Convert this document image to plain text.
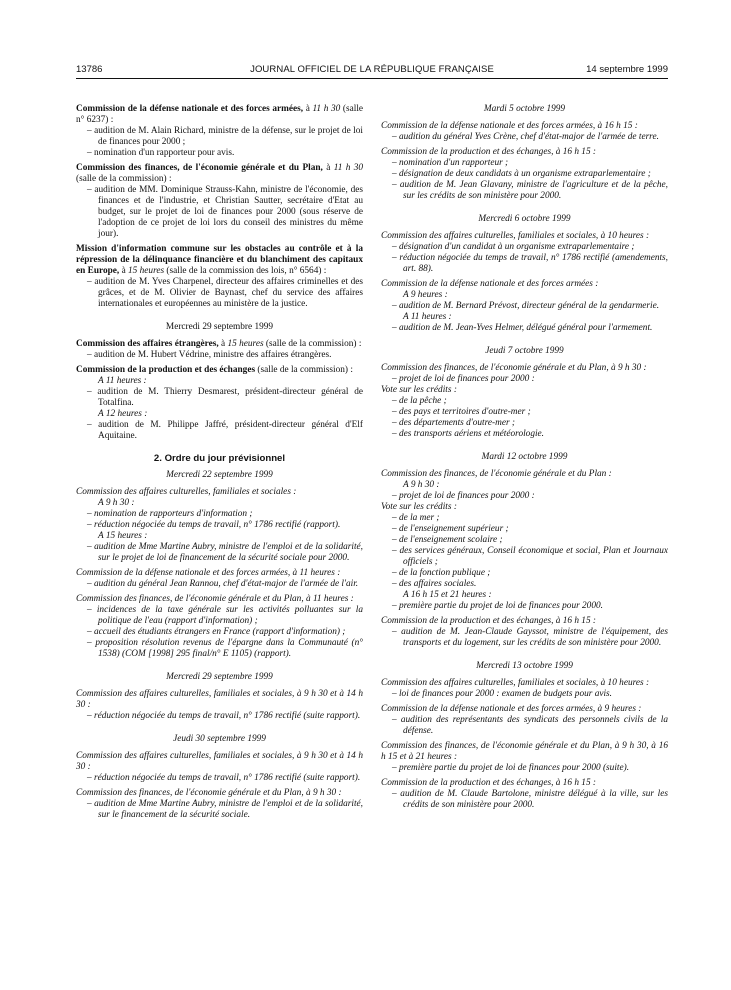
13786	JOURNAL OFFICIEL DE LA RÉPUBLIQUE FRANÇAISE	14 septembre 1999

Commission de la défense nationale et des forces armées, à 11 h 30 (salle n° 6237) :

– audition de M. Alain Richard, ministre de la défense, sur le projet de loi de finances pour 2000 ;

– nomination d'un rapporteur pour avis.

Commission des finances, de l'économie générale et du Plan, à 11 h 30 (salle de la commission) :

– audition de MM. Dominique Strauss-Kahn, ministre de l'économie, des finances et de l'industrie, et Christian Sautter, secrétaire d'Etat au budget, sur le projet de loi de finances pour 2000 (sous réserve de l'adoption de ce projet de loi lors du conseil des ministres du même jour).

Mission d'information commune sur les obstacles au contrôle et à la répression de la délinquance financière et du blanchiment des capitaux en Europe, à 15 heures (salle de la commission des lois, n° 6564) :

– audition de M. Yves Charpenel, directeur des affaires criminelles et des grâces, et de M. Olivier de Baynast, chef du service des affaires internationales et européennes au ministère de la justice.

Mercredi 29 septembre 1999

Commission des affaires étrangères, à 15 heures (salle de la commission) :

– audition de M. Hubert Védrine, ministre des affaires étrangères.

Commission de la production et des échanges (salle de la commission) :

A 11 heures :

– audition de M. Thierry Desmarest, président-directeur général de Totalfina.

A 12 heures :

– audition de M. Philippe Jaffré, président-directeur général d'Elf Aquitaine.

2. Ordre du jour prévisionnel

Mercredi 22 septembre 1999

Commission des affaires culturelles, familiales et sociales :

A 9 h 30 :

– nomination de rapporteurs d'information ;

– réduction négociée du temps de travail, n° 1786 rectifié (rapport).

A 15 heures :

– audition de Mme Martine Aubry, ministre de l'emploi et de la solidarité, sur le projet de loi de financement de la sécurité sociale pour 2000.

Commission de la défense nationale et des forces armées, à 11 heures :

– audition du général Jean Rannou, chef d'état-major de l'armée de l'air.

Commission des finances, de l'économie générale et du Plan, à 11 heures :

– incidences de la taxe générale sur les activités polluantes sur la politique de l'eau (rapport d'information) ;

– accueil des étudiants étrangers en France (rapport d'information) ;

– proposition résolution revenus de l'épargne dans la Communauté (n° 1538) (COM [1998] 295 final/n° E 1105) (rapport).

Mercredi 29 septembre 1999

Commission des affaires culturelles, familiales et sociales, à 9 h 30 et à 14 h 30 :

– réduction négociée du temps de travail, n° 1786 rectifié (suite rapport).

Jeudi 30 septembre 1999

Commission des affaires culturelles, familiales et sociales, à 9 h 30 et à 14 h 30 :

– réduction négociée du temps de travail, n° 1786 rectifié (suite rapport).

Commission des finances, de l'économie générale et du Plan, à 9 h 30 :

– audition de Mme Martine Aubry, ministre de l'emploi et de la solidarité, sur le financement de la sécurité sociale.

Mardi 5 octobre 1999

Commission de la défense nationale et des forces armées, à 16 h 15 :

– audition du général Yves Crène, chef d'état-major de l'armée de terre.

Commission de la production et des échanges, à 16 h 15 :

– nomination d'un rapporteur ;

– désignation de deux candidats à un organisme extraparlementaire ;

– audition de M. Jean Glavany, ministre de l'agriculture et de la pêche, sur les crédits de son ministère pour 2000.

Mercredi 6 octobre 1999

Commission des affaires culturelles, familiales et sociales, à 10 heures :

– désignation d'un candidat à un organisme extraparlementaire ;

– réduction négociée du temps de travail, n° 1786 rectifié (amendements, art. 88).

Commission de la défense nationale et des forces armées :

A 9 heures :

– audition de M. Bernard Prévost, directeur général de la gendarmerie.

A 11 heures :

– audition de M. Jean-Yves Helmer, délégué général pour l'armement.

Jeudi 7 octobre 1999

Commission des finances, de l'économie générale et du Plan, à 9 h 30 :

– projet de loi de finances pour 2000 :

Vote sur les crédits :

– de la pêche ;

– des pays et territoires d'outre-mer ;

– des départements d'outre-mer ;

– des transports aériens et météorologie.

Mardi 12 octobre 1999

Commission des finances, de l'économie générale et du Plan :

A 9 h 30 :

– projet de loi de finances pour 2000 :

Vote sur les crédits :

– de la mer ;

– de l'enseignement supérieur ;

– de l'enseignement scolaire ;

– des services généraux, Conseil économique et social, Plan et Journaux officiels ;

– de la fonction publique ;

– des affaires sociales.

A 16 h 15 et 21 heures :

– première partie du projet de loi de finances pour 2000.

Commission de la production et des échanges, à 16 h 15 :

– audition de M. Jean-Claude Gayssot, ministre de l'équipement, des transports et du logement, sur les crédits de son ministère pour 2000.

Mercredi 13 octobre 1999

Commission des affaires culturelles, familiales et sociales, à 10 heures :

– loi de finances pour 2000 : examen de budgets pour avis.

Commission de la défense nationale et des forces armées, à 9 heures :

– audition des représentants des syndicats des personnels civils de la défense.

Commission des finances, de l'économie générale et du Plan, à 9 h 30, à 16 h 15 et à 21 heures :

– première partie du projet de loi de finances pour 2000 (suite).

Commission de la production et des échanges, à 16 h 15 :

– audition de M. Claude Bartolone, ministre délégué à la ville, sur les crédits de son ministère pour 2000.
